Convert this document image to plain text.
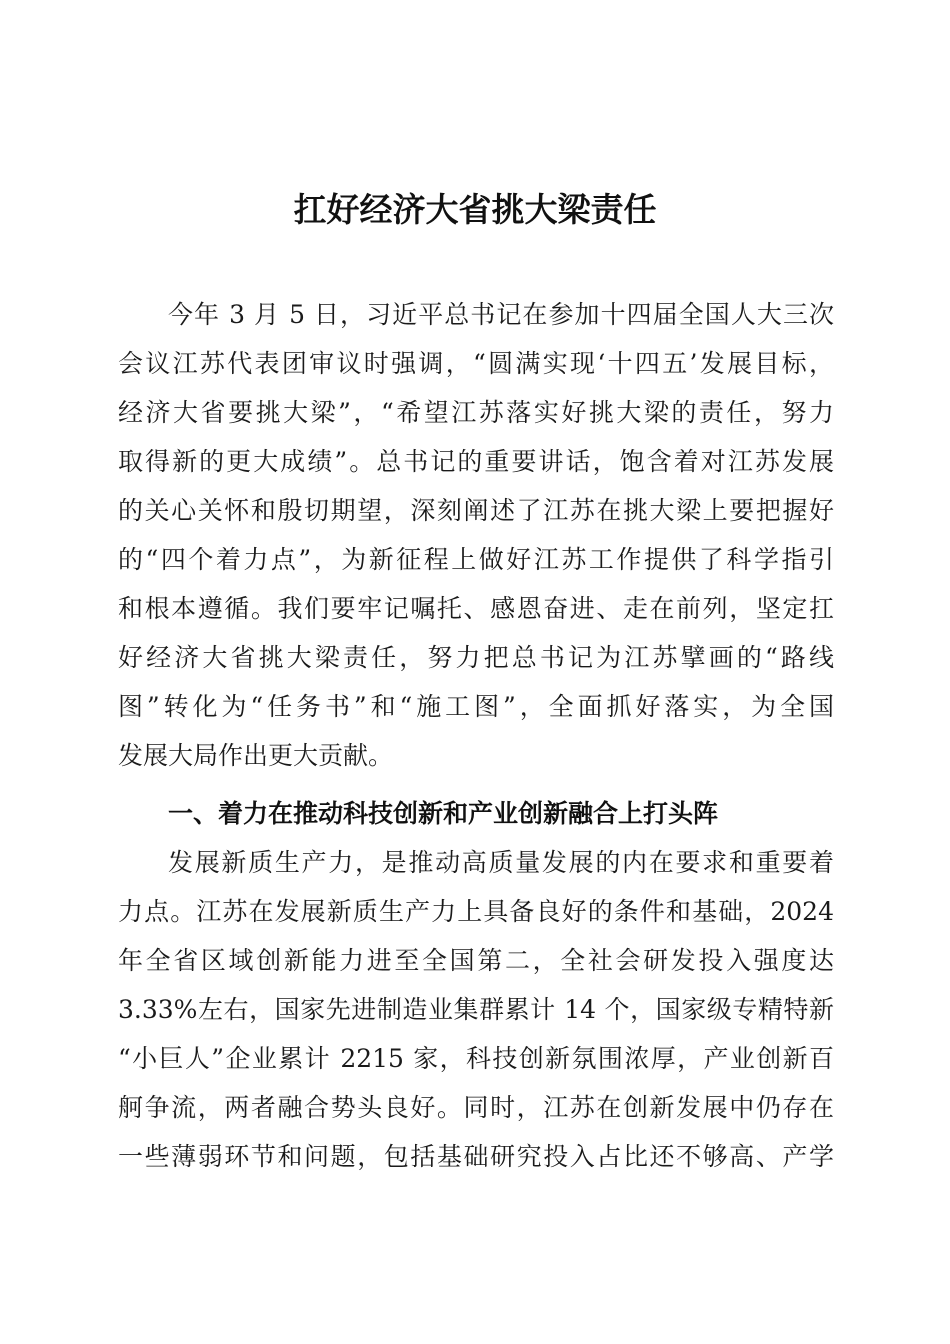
扛好经济大省挑大梁责任
今年 3 月 5 日，习近平总书记在参加十四届全国人大三次
会议江苏代表团审议时强调，“圆满实现‘十四五’发展目标，
经济大省要挑大梁”，“希望江苏落实好挑大梁的责任，努力
取得新的更大成绩”。总书记的重要讲话，饱含着对江苏发展
的关心关怀和殷切期望，深刻阐述了江苏在挑大梁上要把握好
的“四个着力点”，为新征程上做好江苏工作提供了科学指引
和根本遵循。我们要牢记嘱托、感恩奋进、走在前列，坚定扛
好经济大省挑大梁责任，努力把总书记为江苏擘画的“路线
图”转化为“任务书”和“施工图”，全面抓好落实，为全国
发展大局作出更大贡献。
一、着力在推动科技创新和产业创新融合上打头阵
发展新质生产力，是推动高质量发展的内在要求和重要着
力点。江苏在发展新质生产力上具备良好的条件和基础，2024
年全省区域创新能力进至全国第二，全社会研发投入强度达
3.33%左右，国家先进制造业集群累计 14 个，国家级专精特新
“小巨人”企业累计 2215 家，科技创新氛围浓厚，产业创新百
舸争流，两者融合势头良好。同时，江苏在创新发展中仍存在
一些薄弱环节和问题，包括基础研究投入占比还不够高、产学
